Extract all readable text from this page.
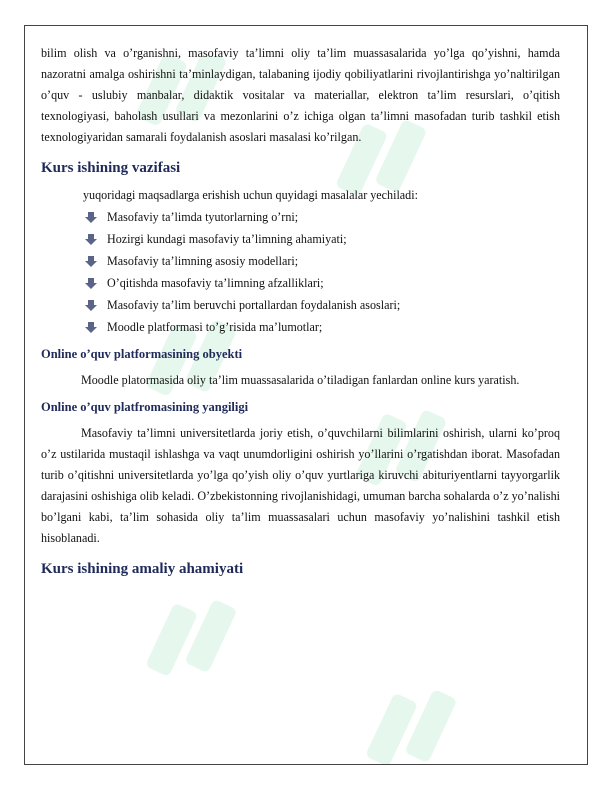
bilim olish va o’rganishni, masofaviy ta’limni oliy ta’lim muassasalarida yo’lga qo’yishni, hamda nazoratni amalga oshirishni ta’minlaydigan, talabaning ijodiy qobiliyatlarini rivojlantirishga yo’naltirilgan o’quv - uslubiy manbalar, didaktik vositalar va materiallar, elektron ta’lim resurslari, o’qitish texnologiyasi, baholash usullari va mezonlarini o’z ichiga olgan ta’limni masofadan turib tashkil etish texnologiyaridan samarali foydalanish asoslari masalasi ko’rilgan.

Kurs ishining vazifasi

yuqoridagi maqsadlarga erishish uchun quyidagi masalalar yechiladi:

Masofaviy ta’limda tyutorlarning o’rni;
Hozirgi kundagi masofaviy ta’limning ahamiyati;
Masofaviy ta’limning asosiy modellari;
O’qitishda masofaviy ta’limning afzalliklari;
Masofaviy ta’lim beruvchi portallardan foydalanish asoslari;
Moodle platformasi to’g’risida ma’lumotlar;
Online o’quv platformasining obyekti

Moodle platormasida oliy ta’lim muassasalarida o’tiladigan fanlardan online kurs yaratish.

Online o’quv platfromasining yangiligi

Masofaviy ta’limni universitetlarda joriy etish, o’quvchilarni bilimlarini oshirish, ularni ko’proq o’z ustilarida mustaqil ishlashga va vaqt unumdorligini oshirish yo’llarini o’rgatishdan iborat. Masofadan turib o’qitishni universitetlarda yo’lga qo’yish oliy o’quv yurtlariga kiruvchi abituriyentlarni tayyorgarlik darajasini oshishiga olib keladi. O’zbekistonning rivojlanishidagi, umuman barcha sohalarda o’z yo’nalishi bo’lgani kabi, ta’lim sohasida oliy ta’lim muassasalari uchun masofaviy yo’nalishini tashkil etish hisoblanadi.

Kurs ishining amaliy ahamiyati
